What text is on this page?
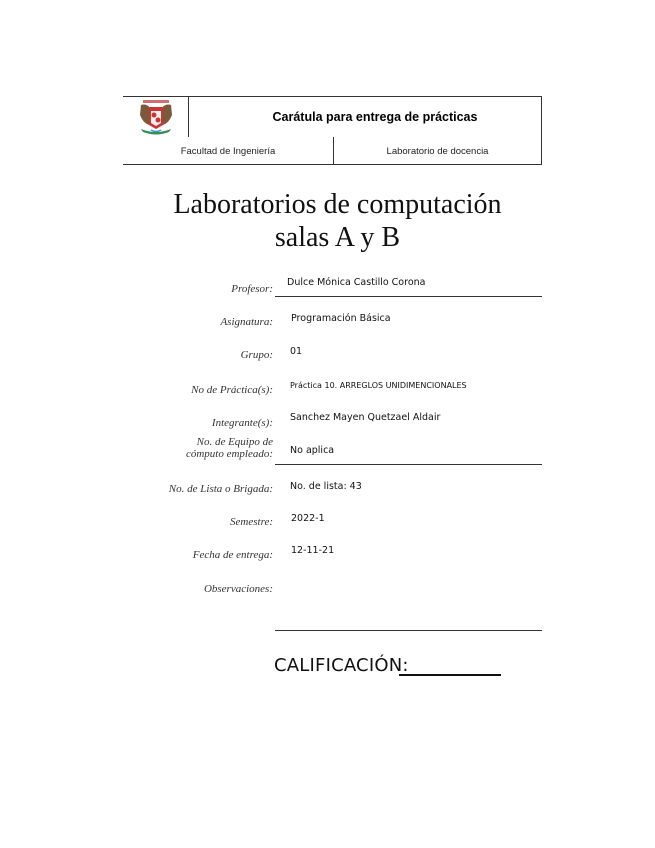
Carátula para entrega de prácticas
Facultad de Ingeniería	Laboratorio de docencia
Laboratorios de computación
salas A y B
Profesor:
Dulce Mónica Castillo Corona
Asignatura: Programación Básica
Grupo: 01
No de Práctica(s): Práctica 10. ARREGLOS UNIDIMENCIONALES
Integrante(s): Sanchez Mayen Quetzael Aldair
No. de Equipo de
cómputo empleado: No aplica
No. de Lista o Brigada: No. de lista: 43
Semestre: 2022-1
Fecha de entrega: 12-11-21
Observaciones:
CALIFICACIÓN:
